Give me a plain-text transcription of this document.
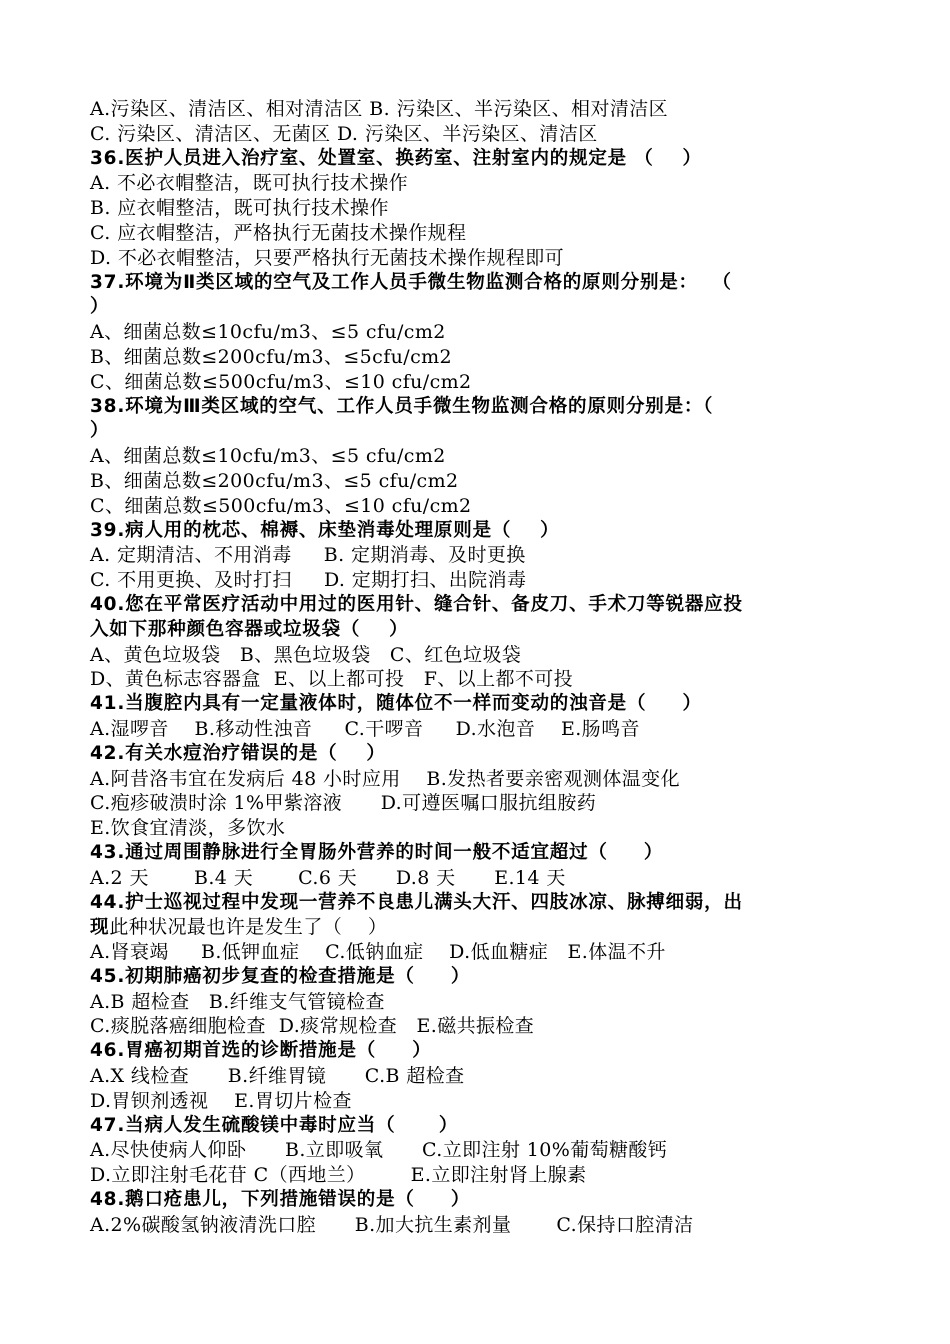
A.污染区、清洁区、相对清洁区 B. 污染区、半污染区、相对清洁区
C. 污染区、清洁区、无菌区 D. 污染区、半污染区、清洁区
36.医护人员进入治疗室、处置室、换药室、注射室内的规定是 （    ）
A. 不必衣帽整洁，既可执行技术操作
B. 应衣帽整洁，既可执行技术操作
C. 应衣帽整洁，严格执行无菌技术操作规程
D. 不必衣帽整洁，只要严格执行无菌技术操作规程即可
37.环境为Ⅱ类区域的空气及工作人员手微生物监测合格的原则分别是：  （
）
A、细菌总数≤10cfu/m3、≤5 cfu/cm2
B、细菌总数≤200cfu/m3、≤5cfu/cm2
C、细菌总数≤500cfu/m3、≤10 cfu/cm2
38.环境为Ⅲ类区域的空气、工作人员手微生物监测合格的原则分别是：（
）
A、细菌总数≤10cfu/m3、≤5 cfu/cm2
B、细菌总数≤200cfu/m3、≤5 cfu/cm2
C、细菌总数≤500cfu/m3、≤10 cfu/cm2
39.病人用的枕芯、棉褥、床垫消毒处理原则是（    ）
A. 定期清洁、不用消毒     B. 定期消毒、及时更换
C. 不用更换、及时打扫     D. 定期打扫、出院消毒
40.您在平常医疗活动中用过的医用针、缝合针、备皮刀、手术刀等锐器应投
入如下那种颜色容器或垃圾袋（    ）
A、黄色垃圾袋   B、黑色垃圾袋   C、红色垃圾袋
D、黄色标志容器盒  E、以上都可投   F、以上都不可投
41.当腹腔内具有一定量液体时，随体位不一样而变动的浊音是（     ）
A.湿啰音    B.移动性浊音     C.干啰音     D.水泡音    E.肠鸣音
42.有关水痘治疗错误的是（    ）
A.阿昔洛韦宜在发病后 48 小时应用    B.发热者要亲密观测体温变化
C.疱疹破溃时涂 1%甲紫溶液      D.可遵医嘱口服抗组胺药
E.饮食宜清淡，多饮水
43.通过周围静脉进行全胃肠外营养的时间一般不适宜超过（     ）
A.2 天       B.4 天       C.6 天      D.8 天      E.14 天
44.护士巡视过程中发现一营养不良患儿满头大汗、四肢冰凉、脉搏细弱，出
现此种状况最也许是发生了（    ）
A.肾衰竭     B.低钾血症    C.低钠血症    D.低血糖症   E.体温不升
45.初期肺癌初步复查的检查措施是（     ）
A.B 超检查   B.纤维支气管镜检查
C.痰脱落癌细胞检查  D.痰常规检查   E.磁共振检查
46.胃癌初期首选的诊断措施是（     ）
A.X 线检查      B.纤维胃镜      C.B 超检查
D.胃钡剂透视    E.胃切片检查
47.当病人发生硫酸镁中毒时应当（      ）
A.尽快使病人仰卧      B.立即吸氧      C.立即注射 10%葡萄糖酸钙
D.立即注射毛花苷 C（西地兰）       E.立即注射肾上腺素
48.鹅口疮患儿，下列措施错误的是（     ）
A.2%碳酸氢钠液清洗口腔      B.加大抗生素剂量       C.保持口腔清洁
